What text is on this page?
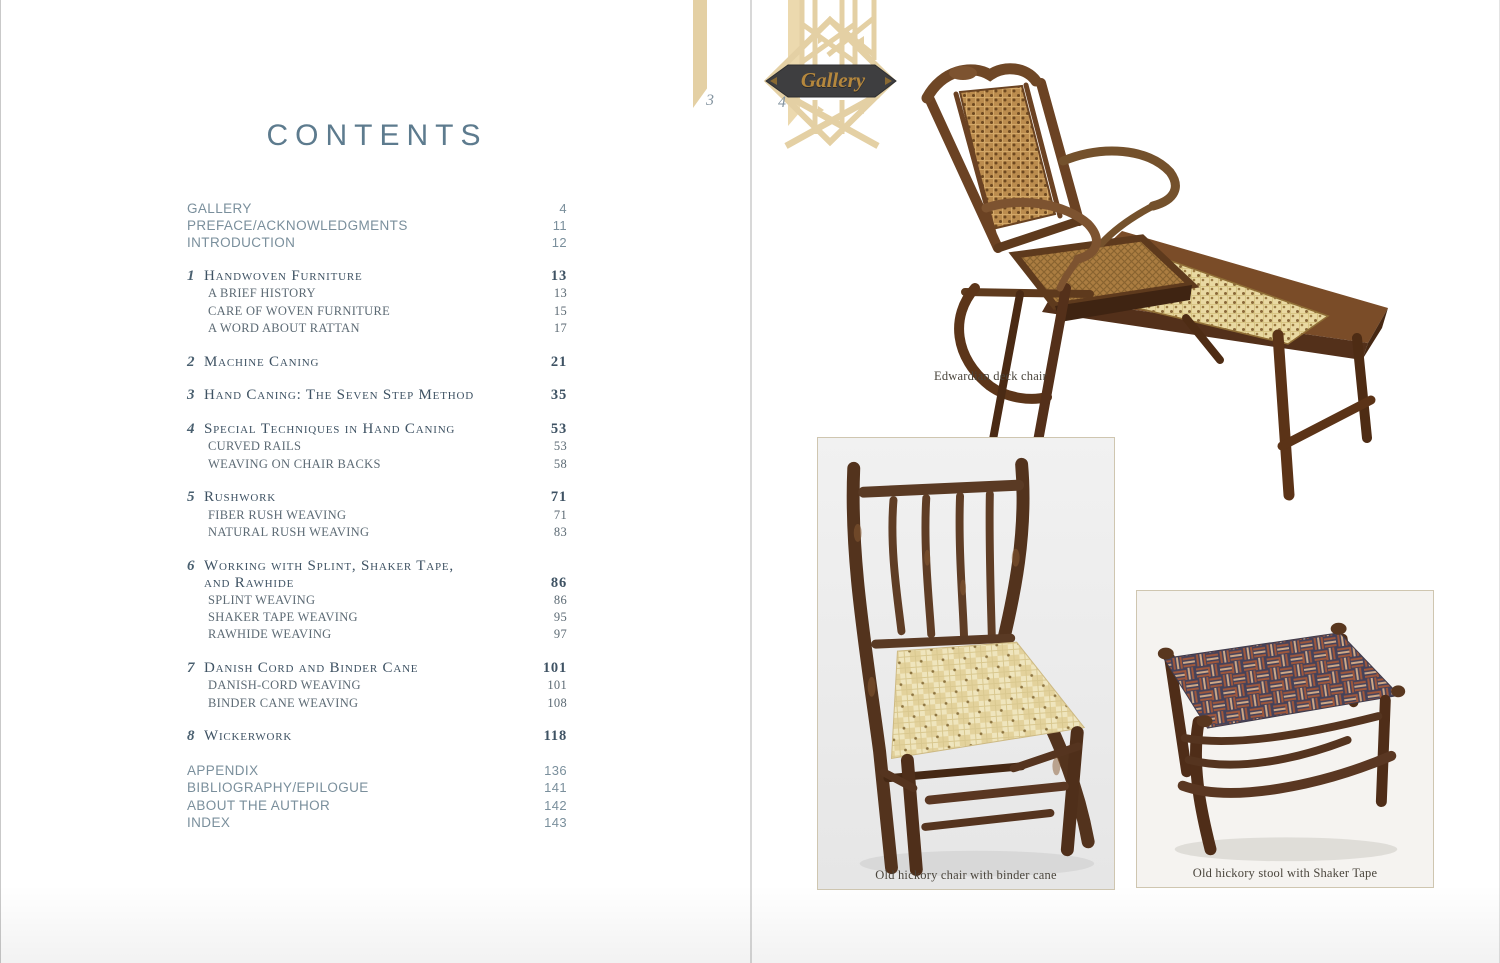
3
CONTENTS
GALLERY	4
PREFACE/ACKNOWLEDGMENTS	11
INTRODUCTION	12
1 Handwoven Furniture	13
A BRIEF HISTORY	13
CARE OF WOVEN FURNITURE	15
A WORD ABOUT RATTAN	17
2 Machine Caning	21
3 Hand Caning: The Seven Step Method	35
4 Special Techniques in Hand Caning	53
CURVED RAILS	53
WEAVING ON CHAIR BACKS	58
5 Rushwork	71
FIBER RUSH WEAVING	71
NATURAL RUSH WEAVING	83
6 Working with Splint, Shaker Tape,
and Rawhide	86
SPLINT WEAVING	86
SHAKER TAPE WEAVING	95
RAWHIDE WEAVING	97
7 Danish Cord and Binder Cane	101
DANISH-CORD WEAVING	101
BINDER CANE WEAVING	108
8 Wickerwork	118
APPENDIX	136
BIBLIOGRAPHY/EPILOGUE	141
ABOUT THE AUTHOR	142
INDEX	143
Gallery
4
Edwardian deck chair
Old hickory chair with binder cane	Old hickory stool with Shaker Tape
